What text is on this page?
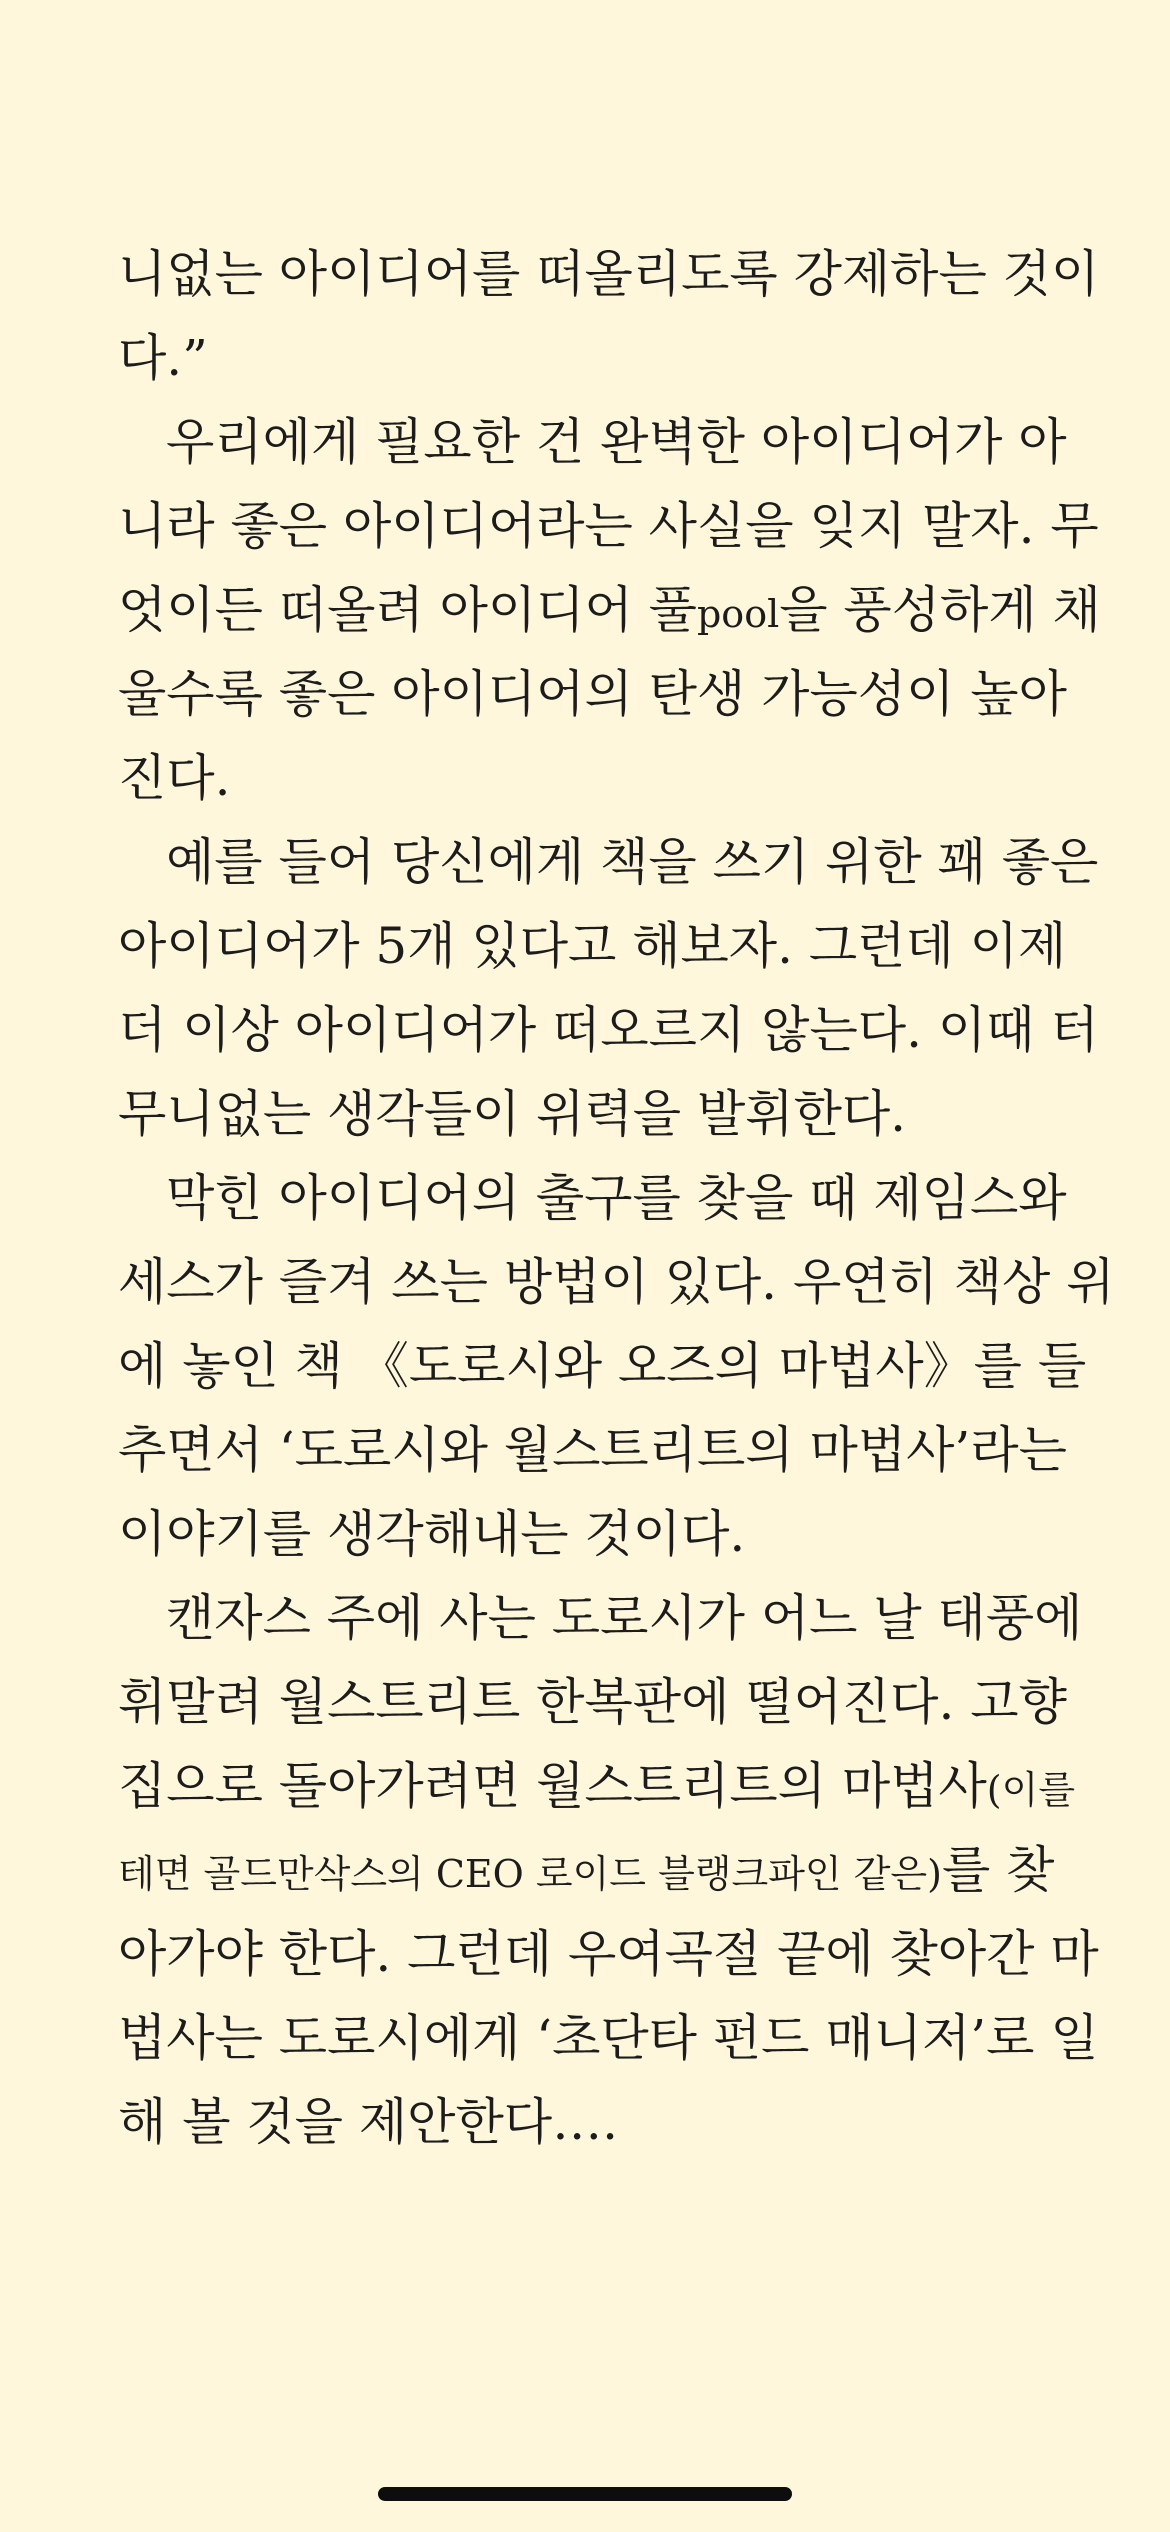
니없는 아이디어를 떠올리도록 강제하는 것이
다.”
우리에게 필요한 건 완벽한 아이디어가 아
니라 좋은 아이디어라는 사실을 잊지 말자. 무
엇이든 떠올려 아이디어 풀pool을 풍성하게 채
울수록 좋은 아이디어의 탄생 가능성이 높아
진다.
예를 들어 당신에게 책을 쓰기 위한 꽤 좋은
아이디어가 5개 있다고 해보자. 그런데 이제
더 이상 아이디어가 떠오르지 않는다. 이때 터
무니없는 생각들이 위력을 발휘한다.
막힌 아이디어의 출구를 찾을 때 제임스와
세스가 즐겨 쓰는 방법이 있다. 우연히 책상 위
에 놓인 책 《도로시와 오즈의 마법사》를 들
추면서 ‘도로시와 월스트리트의 마법사’라는
이야기를 생각해내는 것이다.
캔자스 주에 사는 도로시가 어느 날 태풍에
휘말려 월스트리트 한복판에 떨어진다. 고향
집으로 돌아가려면 월스트리트의 마법사(이를
테면 골드만삭스의 CEO 로이드 블랭크파인 같은)를 찾
아가야 한다. 그런데 우여곡절 끝에 찾아간 마
법사는 도로시에게 ‘초단타 펀드 매니저’로 일
해 볼 것을 제안한다….
